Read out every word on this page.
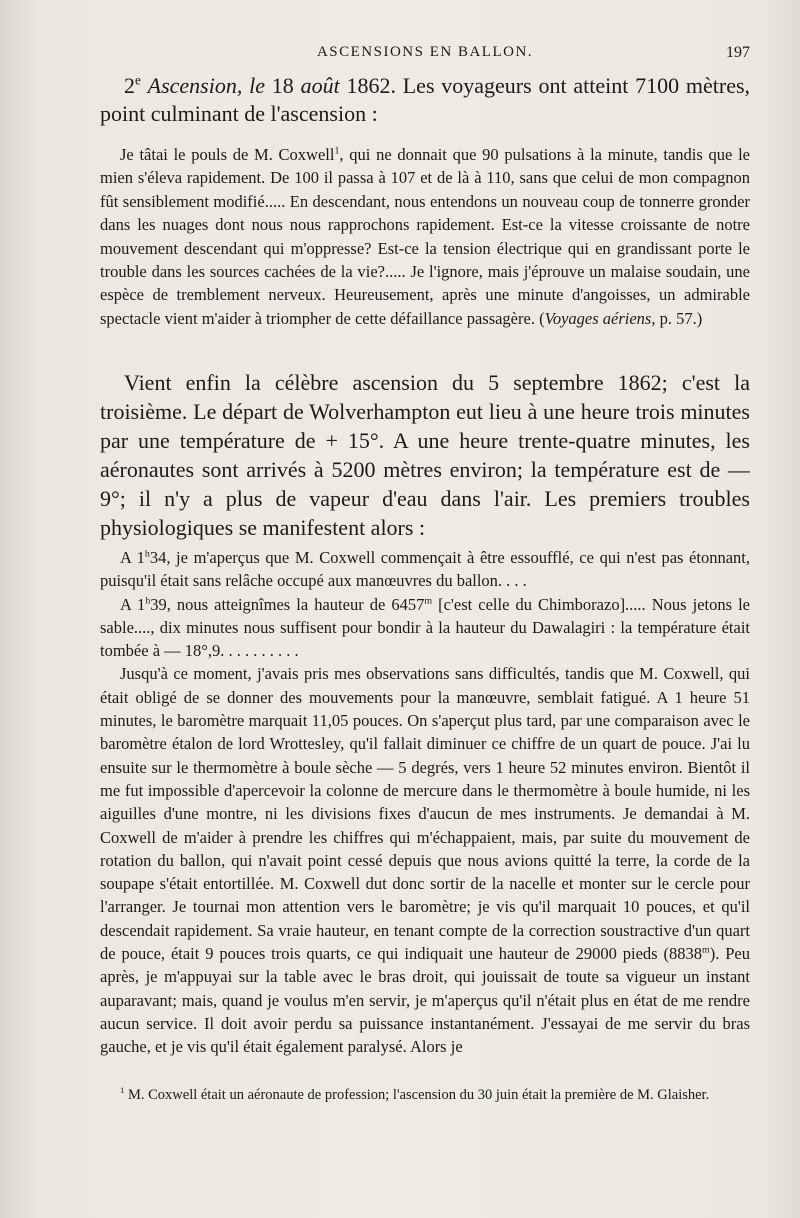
ASCENSIONS EN BALLON.	197
2e Ascension, le 18 août 1862. Les voyageurs ont atteint 7100 mètres, point culminant de l'ascension :

Je tâtai le pouls de M. Coxwell$^1$, qui ne donnait que 90 pulsations à la minute, tandis que le mien s'éleva rapidement. De 100 il passa à 107 et de là à 110, sans que celui de mon compagnon fût sensiblement modifié..... En descendant, nous entendons un nouveau coup de tonnerre gronder dans les nuages dont nous nous rapprochons rapidement. Est-ce la vitesse croissante de notre mouvement descendant qui m'oppresse? Est-ce la tension électrique qui en grandissant porte le trouble dans les sources cachées de la vie?..... Je l'ignore, mais j'éprouve un malaise soudain, une espèce de tremblement nerveux. Heureusement, après une minute d'angoisses, un admirable spectacle vient m'aider à triompher de cette défaillance passagère. (Voyages aériens, p. 57.)

Vient enfin la célèbre ascension du 5 septembre 1862; c'est la troisième. Le départ de Wolverhampton eut lieu à une heure trois minutes par une température de + 15°. A une heure trente-quatre minutes, les aéronautes sont arrivés à 5200 mètres environ; la température est de — 9°; il n'y a plus de vapeur d'eau dans l'air. Les premiers troubles physiologiques se manifestent alors :

A 1$^h$34, je m'aperçus que M. Coxwell commençait à être essoufflé, ce qui n'est pas étonnant, puisqu'il était sans relâche occupé aux manœuvres du ballon. . . .

A 1$^h$39, nous atteignîmes la hauteur de 6457$^m$ [c'est celle du Chimborazo]..... Nous jetons le sable...., dix minutes nous suffisent pour bondir à la hauteur du Dawalagiri : la température était tombée à — 18°,9. . . . . . . . . .

Jusqu'à ce moment, j'avais pris mes observations sans difficultés, tandis que M. Coxwell, qui était obligé de se donner des mouvements pour la manœuvre, semblait fatigué. A 1 heure 51 minutes, le baromètre marquait 11,05 pouces. On s'aperçut plus tard, par une comparaison avec le baromètre étalon de lord Wrottesley, qu'il fallait diminuer ce chiffre de un quart de pouce. J'ai lu ensuite sur le thermomètre à boule sèche — 5 degrés, vers 1 heure 52 minutes environ. Bientôt il me fut impossible d'apercevoir la colonne de mercure dans le thermomètre à boule humide, ni les aiguilles d'une montre, ni les divisions fixes d'aucun de mes instruments. Je demandai à M. Coxwell de m'aider à prendre les chiffres qui m'échappaient, mais, par suite du mouvement de rotation du ballon, qui n'avait point cessé depuis que nous avions quitté la terre, la corde de la soupape s'était entortillée. M. Coxwell dut donc sortir de la nacelle et monter sur le cercle pour l'arranger. Je tournai mon attention vers le baromètre; je vis qu'il marquait 10 pouces, et qu'il descendait rapidement. Sa vraie hauteur, en tenant compte de la correction soustractive d'un quart de pouce, était 9 pouces trois quarts, ce qui indiquait une hauteur de 29000 pieds (8838$^m$). Peu après, je m'appuyai sur la table avec le bras droit, qui jouissait de toute sa vigueur un instant auparavant; mais, quand je voulus m'en servir, je m'aperçus qu'il n'était plus en état de me rendre aucun service. Il doit avoir perdu sa puissance instantanément. J'essayai de me servir du bras gauche, et je vis qu'il était également paralysé. Alors je

$^1$ M. Coxwell était un aéronaute de profession; l'ascension du 30 juin était la première de M. Glaisher.
